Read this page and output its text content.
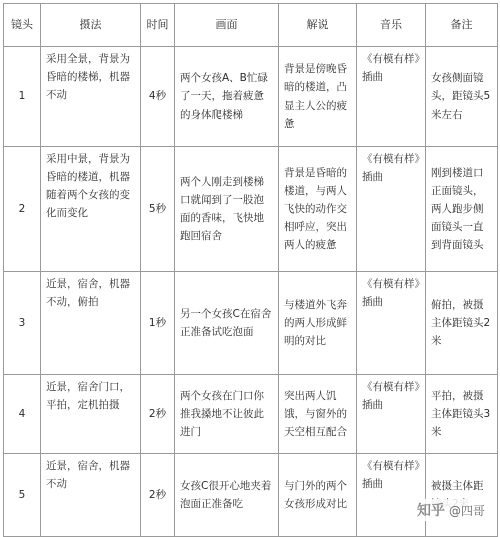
镜头	摄法	时间	画面	解说	音乐	备注
1	采用全景，背景为昏暗的楼梯，机器不动	4秒	两个女孩A、B忙碌了一天，拖着疲惫的身体爬楼梯	背景是傍晚昏暗的楼道，凸显主人公的疲惫	《有模有样》插曲	女孩侧面镜头，距镜头5米左右
2	采用中景，背景为昏暗的楼道，机器随着两个女孩的变化而变化	5秒	两个人刚走到楼梯口就闻到了一股泡面的香味，飞快地跑回宿舍	背景是昏暗的楼道，与两人飞快的动作交相呼应，突出两人的疲惫	《有模有样》插曲	刚到楼道口正面镜头，两人跑步侧面镜头一直到背面镜头
3	近景，宿舍，机器不动，俯拍	1秒	另一个女孩C在宿舍正准备试吃泡面	与楼道外飞奔的两人形成鲜明的对比	《有模有样》插曲	俯拍，被摄主体距镜头2米
4	近景，宿舍门口，平拍，定机拍摄	2秒	两个女孩在门口你推我搡地不让彼此进门	突出两人饥饿，与窗外的天空相互配合	《有模有样》插曲	平拍，被摄主体距镜头3米
5	近景，宿舍，机器不动	2秒	女孩C很开心地夹着泡面正准备吃	与门外的两个女孩形成对比	《有模有样》插曲	被摄主体距
知乎 @四哥
